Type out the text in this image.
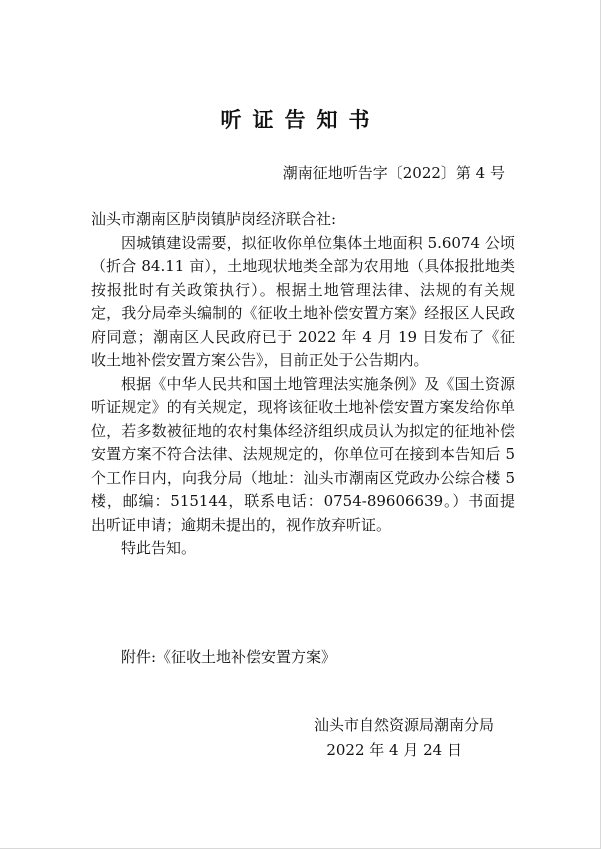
听证告知书
潮南征地听告字〔2022〕第 4 号

汕头市潮南区胪岗镇胪岗经济联合社:

因城镇建设需要，拟征收你单位集体土地面积 5.6074 公顷（折合 84.11 亩），土地现状地类全部为农用地（具体报批地类按报批时有关政策执行）。根据土地管理法律、法规的有关规定，我分局牵头编制的《征收土地补偿安置方案》经报区人民政府同意；潮南区人民政府已于 2022 年 4 月 19 日发布了《征收土地补偿安置方案公告》，目前正处于公告期内。

根据《中华人民共和国土地管理法实施条例》及《国土资源听证规定》的有关规定，现将该征收土地补偿安置方案发给你单位，若多数被征地的农村集体经济组织成员认为拟定的征地补偿安置方案不符合法律、法规规定的，你单位可在接到本告知后 5 个工作日内，向我分局（地址：汕头市潮南区党政办公综合楼 5 楼，邮编：515144，联系电话：0754-89606639。）书面提出听证申请；逾期未提出的，视作放弃听证。

特此告知。

附件:《征收土地补偿安置方案》
汕头市自然资源局潮南分局
2022 年 4 月 24 日
